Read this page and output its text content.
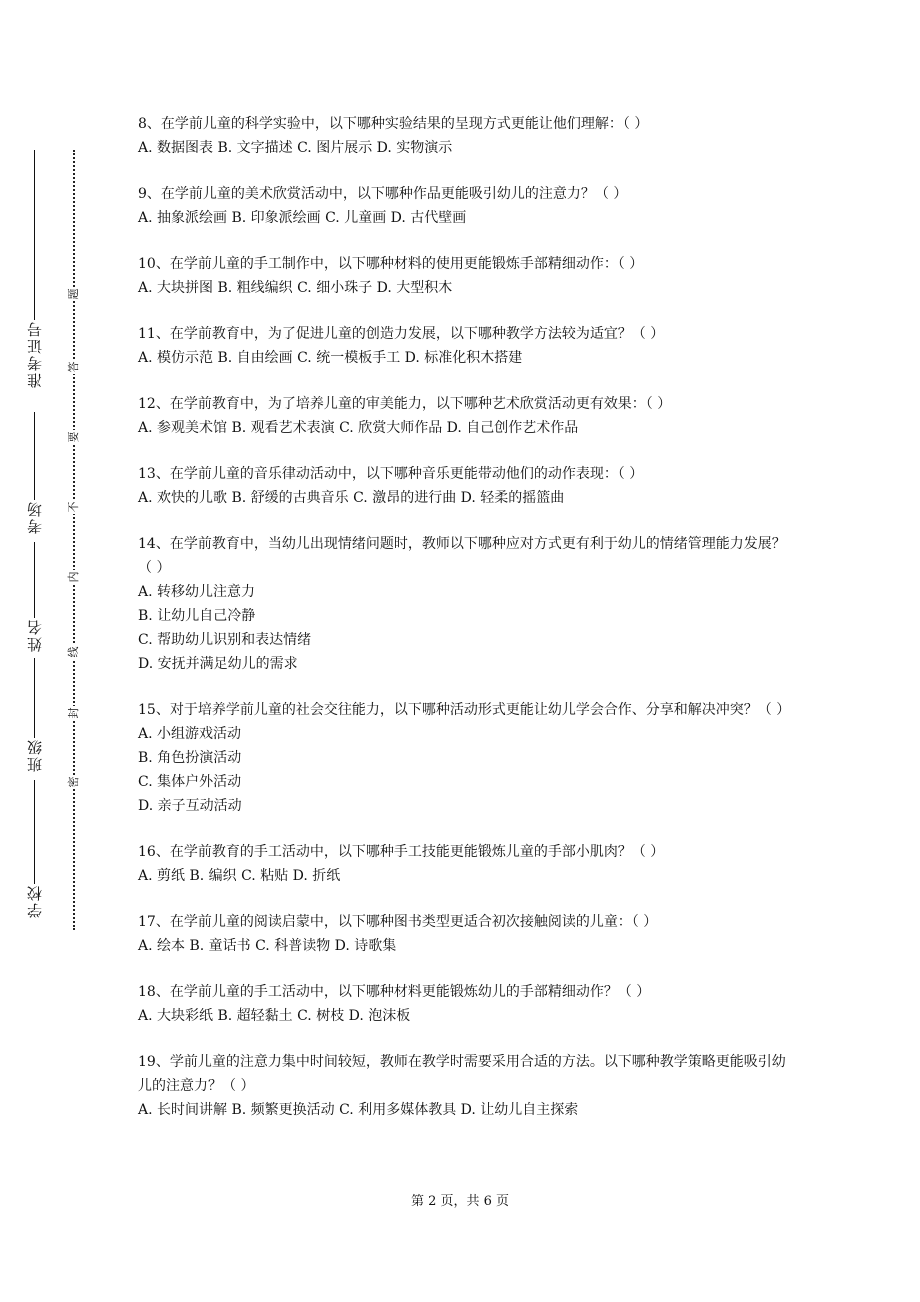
准考证号
考场
姓名
班级
学校
题
答
要
不
内
线
封
密
8、在学前儿童的科学实验中，以下哪种实验结果的呈现方式更能让他们理解：（ ）
A. 数据图表 B. 文字描述 C. 图片展示 D. 实物演示
9、在学前儿童的美术欣赏活动中，以下哪种作品更能吸引幼儿的注意力？（ ）
A. 抽象派绘画 B. 印象派绘画 C. 儿童画 D. 古代壁画
10、在学前儿童的手工制作中，以下哪种材料的使用更能锻炼手部精细动作：（ ）
A. 大块拼图 B. 粗线编织 C. 细小珠子 D. 大型积木
11、在学前教育中，为了促进儿童的创造力发展，以下哪种教学方法较为适宜？（ ）
A. 模仿示范 B. 自由绘画 C. 统一模板手工 D. 标准化积木搭建
12、在学前教育中，为了培养儿童的审美能力，以下哪种艺术欣赏活动更有效果：（ ）
A. 参观美术馆 B. 观看艺术表演 C. 欣赏大师作品 D. 自己创作艺术作品
13、在学前儿童的音乐律动活动中，以下哪种音乐更能带动他们的动作表现：（ ）
A. 欢快的儿歌 B. 舒缓的古典音乐 C. 激昂的进行曲 D. 轻柔的摇篮曲
14、在学前教育中，当幼儿出现情绪问题时，教师以下哪种应对方式更有利于幼儿的情绪管理能力发展？（ ）
A. 转移幼儿注意力
B. 让幼儿自己冷静
C. 帮助幼儿识别和表达情绪
D. 安抚并满足幼儿的需求
15、对于培养学前儿童的社会交往能力，以下哪种活动形式更能让幼儿学会合作、分享和解决冲突？（ ）
A. 小组游戏活动
B. 角色扮演活动
C. 集体户外活动
D. 亲子互动活动
16、在学前教育的手工活动中，以下哪种手工技能更能锻炼儿童的手部小肌肉？（ ）
A. 剪纸 B. 编织 C. 粘贴 D. 折纸
17、在学前儿童的阅读启蒙中，以下哪种图书类型更适合初次接触阅读的儿童：（ ）
A. 绘本 B. 童话书 C. 科普读物 D. 诗歌集
18、在学前儿童的手工活动中，以下哪种材料更能锻炼幼儿的手部精细动作？（ ）
A. 大块彩纸 B. 超轻黏土 C. 树枝 D. 泡沫板
19、学前儿童的注意力集中时间较短，教师在教学时需要采用合适的方法。以下哪种教学策略更能吸引幼儿的注意力？（ ）
A. 长时间讲解 B. 频繁更换活动 C. 利用多媒体教具 D. 让幼儿自主探索
第 2 页，共 6 页
